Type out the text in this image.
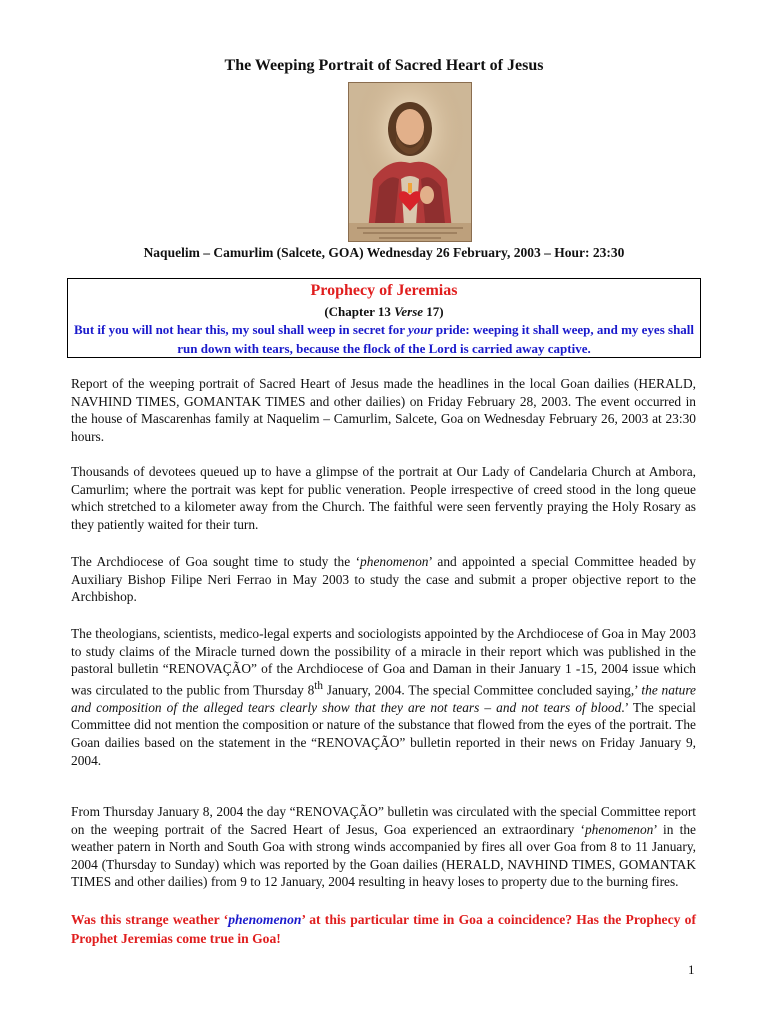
The Weeping Portrait of Sacred Heart of Jesus
Naquelim – Camurlim (Salcete, GOA) Wednesday 26 February, 2003 – Hour: 23:30
Prophecy of Jeremias
(Chapter 13 Verse 17)
But if you will not hear this, my soul shall weep in secret for your pride: weeping it shall weep, and my eyes shall run down with tears, because the flock of the Lord is carried away captive.
Report of the weeping portrait of Sacred Heart of Jesus made the headlines in the local Goan dailies (HERALD, NAVHIND TIMES, GOMANTAK TIMES and other dailies) on Friday February 28, 2003. The event occurred in the house of Mascarenhas family at Naquelim – Camurlim, Salcete, Goa on Wednesday February 26, 2003 at 23:30 hours.
Thousands of devotees queued up to have a glimpse of the portrait at Our Lady of Candelaria Church at Ambora, Camurlim; where the portrait was kept for public veneration. People irrespective of creed stood in the long queue which stretched to a kilometer away from the Church. The faithful were seen fervently praying the Holy Rosary as they patiently waited for their turn.
The Archdiocese of Goa sought time to study the ‘phenomenon’ and appointed a special Committee headed by Auxiliary Bishop Filipe Neri Ferrao in May 2003 to study the case and submit a proper objective report to the Archbishop.
The theologians, scientists, medico-legal experts and sociologists appointed by the Archdiocese of Goa in May 2003 to study claims of the Miracle turned down the possibility of a miracle in their report which was published in the pastoral bulletin “RENOVAÇÃO” of the Archdiocese of Goa and Daman in their January 1 -15, 2004 issue which was circulated to the public from Thursday 8th January, 2004. The special Committee concluded saying,’ the nature and composition of the alleged tears clearly show that they are not tears – and not tears of blood.’ The special Committee did not mention the composition or nature of the substance that flowed from the eyes of the portrait. The Goan dailies based on the statement in the “RENOVAÇÃO” bulletin reported in their news on Friday January 9, 2004.
From Thursday January 8, 2004 the day “RENOVAÇÃO” bulletin was circulated with the special Committee report on the weeping portrait of the Sacred Heart of Jesus, Goa experienced an extraordinary ‘phenomenon’ in the weather patern in North and South Goa with strong winds accompanied by fires all over Goa from 8 to 11 January, 2004 (Thursday to Sunday) which was reported by the Goan dailies (HERALD, NAVHIND TIMES, GOMANTAK TIMES and other dailies) from 9 to 12 January, 2004 resulting in heavy loses to property due to the burning fires.
Was this strange weather ‘phenomenon’ at this particular time in Goa a coincidence? Has the Prophecy of Prophet Jeremias come true in Goa!
1
